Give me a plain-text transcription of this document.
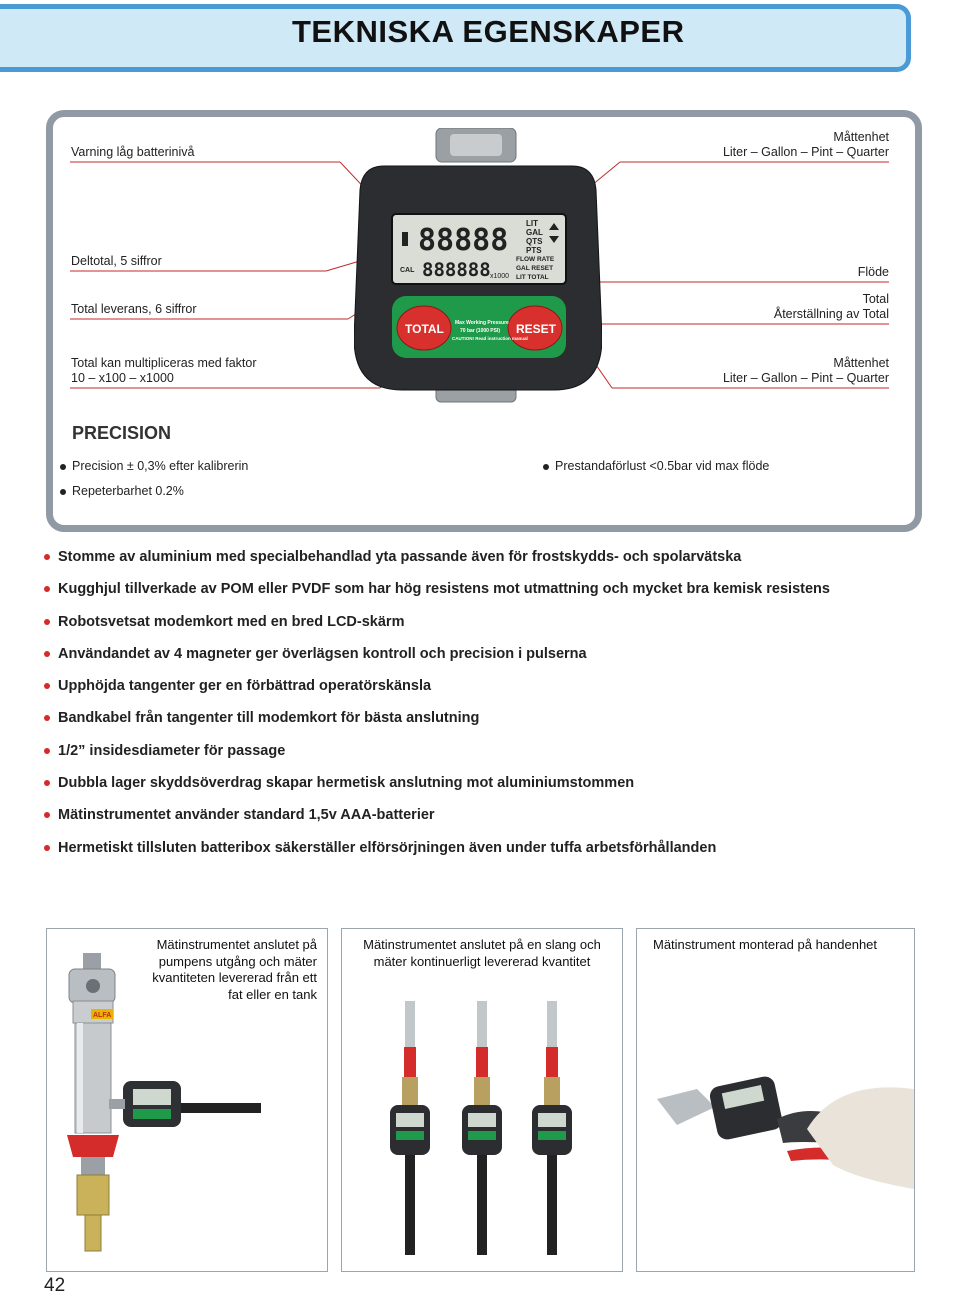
TEKNISKA EGENSKAPER
Varning låg batterinivå
Deltotal, 5 siffror
Total leverans, 6 siffror
Total kan multipliceras med faktor
10 – x100 – x1000
Måttenhet
Liter – Gallon – Pint – Quarter
Flöde
Total
Återställning av Total
Måttenhet
Liter – Gallon – Pint – Quarter
88888
CAL 888888 x1000
LIT
GAL
QTS
PTS
FLOW RATE
GAL RESET
LIT TOTAL
TOTAL	RESET
Max Working Pressure
70 bar (1000 PSI)
CAUTION! Read instruction manual
PRECISION
Precision ± 0,3% efter kalibrerin	Prestandaförlust <0.5bar vid max flöde
Repeterbarhet 0.2%
Stomme av aluminium med specialbehandlad yta passande även för frostskydds- och spolarvätska
Kugghjul tillverkade av POM eller PVDF som har hög resistens mot utmattning och mycket bra kemisk resistens
Robotsvetsat modemkort med en bred LCD-skärm
Användandet av 4 magneter ger överlägsen kontroll och precision i pulserna
Upphöjda tangenter ger en förbättrad operatörskänsla
Bandkabel från tangenter till modemkort för bästa anslutning
1/2” insidesdiameter för passage
Dubbla lager skyddsöverdrag skapar hermetisk anslutning mot aluminiumstommen
Mätinstrumentet använder standard 1,5v AAA-batterier
Hermetiskt tillsluten batteribox säkerställer elförsörjningen även under tuffa arbetsförhållanden
Mätinstrumentet anslutet på
pumpens utgång och mäter
kvantiteten levererad från ett
fat eller en tank
ALFA
Mätinstrumentet anslutet på en slang och
mäter kontinuerligt levererad kvantitet
Mätinstrument monterad på handenhet
42
